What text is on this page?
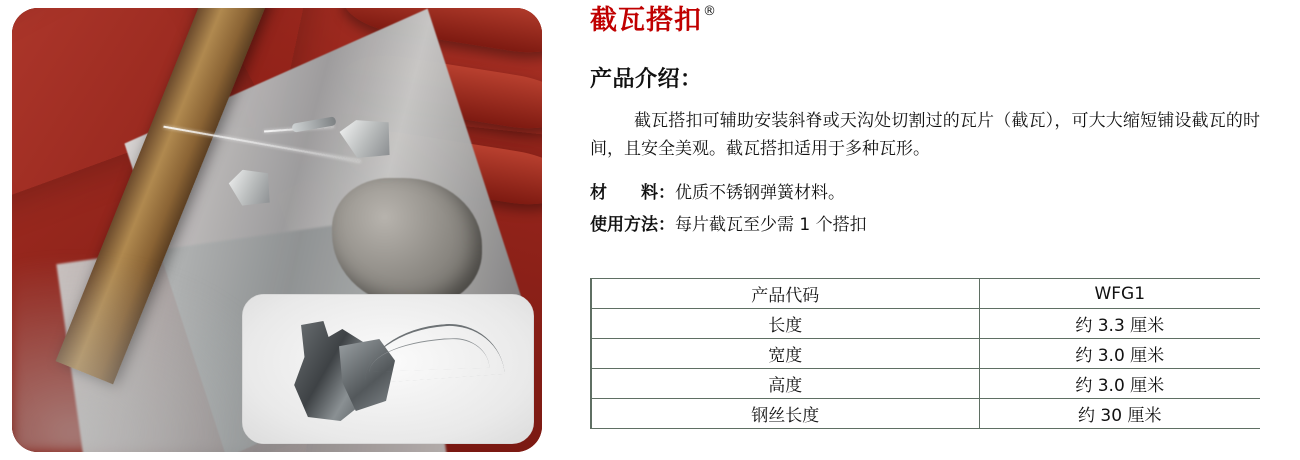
截瓦搭扣 ®
产品介绍：
截瓦搭扣可辅助安装斜脊或天沟处切割过的瓦片（截瓦），可大大缩短铺设截瓦的时间，且安全美观。截瓦搭扣适用于多种瓦形。
材　　料： 优质不锈钢弹簧材料。
使用方法： 每片截瓦至少需 1 个搭扣
产品代码	WFG1
长度	约 3.3 厘米
宽度	约 3.0 厘米
高度	约 3.0 厘米
钢丝长度	约 30 厘米
